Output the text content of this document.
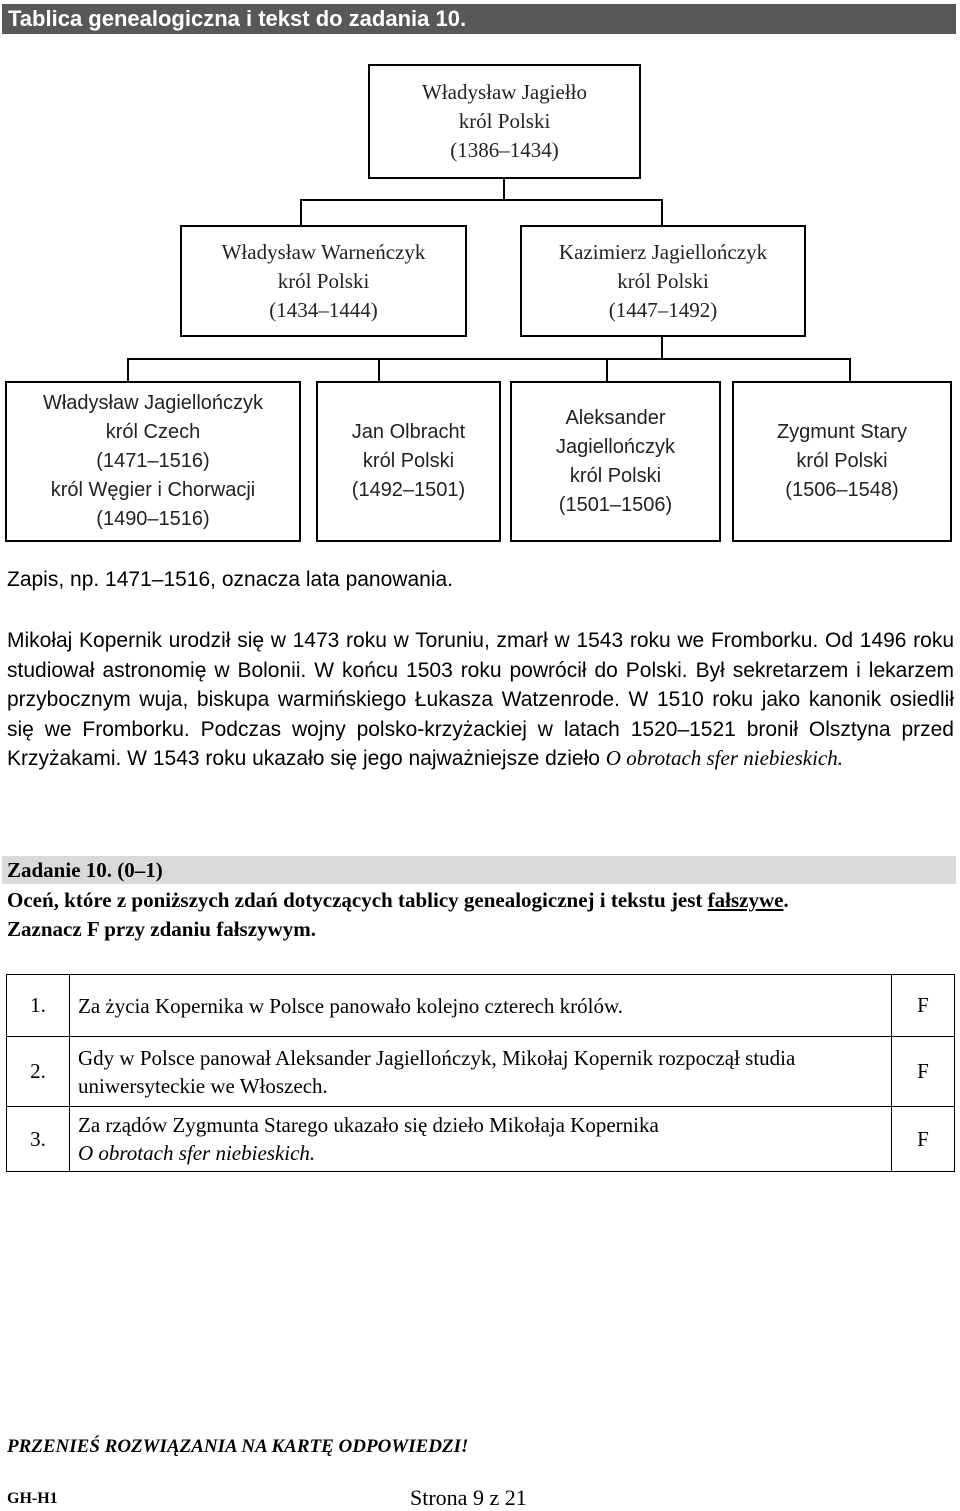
Tablica genealogiczna i tekst do zadania 10.
Władysław Jagiełło
król Polski
(1386–1434)
Władysław Warneńczyk
król Polski
(1434–1444)
Kazimierz Jagiellończyk
król Polski
(1447–1492)
Władysław Jagiellończyk
król Czech
(1471–1516)
król Węgier i Chorwacji
(1490–1516)
Jan Olbracht
król Polski
(1492–1501)
Aleksander
Jagiellończyk
król Polski
(1501–1506)
Zygmunt Stary
król Polski
(1506–1548)
Zapis, np. 1471–1516, oznacza lata panowania.
Mikołaj Kopernik urodził się w 1473 roku w Toruniu, zmarł w 1543 roku we Fromborku. Od 1496 roku studiował astronomię w Bolonii. W końcu 1503 roku powrócił do Polski. Był sekretarzem i lekarzem przybocznym wuja, biskupa warmińskiego Łukasza Watzenrode. W 1510 roku jako kanonik osiedlił się we Fromborku. Podczas wojny polsko-krzyżackiej w latach 1520–1521 bronił Olsztyna przed Krzyżakami. W 1543 roku ukazało się jego najważniejsze dzieło O obrotach sfer niebieskich.
Zadanie 10. (0–1)
Oceń, które z poniższych zdań dotyczących tablicy genealogicznej i tekstu jest fałszywe.
Zaznacz F przy zdaniu fałszywym.
1.	Za życia Kopernika w Polsce panowało kolejno czterech królów.	F
2.	Gdy w Polsce panował Aleksander Jagiellończyk, Mikołaj Kopernik rozpoczął studia uniwersyteckie we Włoszech.	F
3.	Za rządów Zygmunta Starego ukazało się dzieło Mikołaja Kopernika
O obrotach sfer niebieskich.	F
PRZENIEŚ ROZWIĄZANIA NA KARTĘ ODPOWIEDZI!
GH-H1	Strona 9 z 21
